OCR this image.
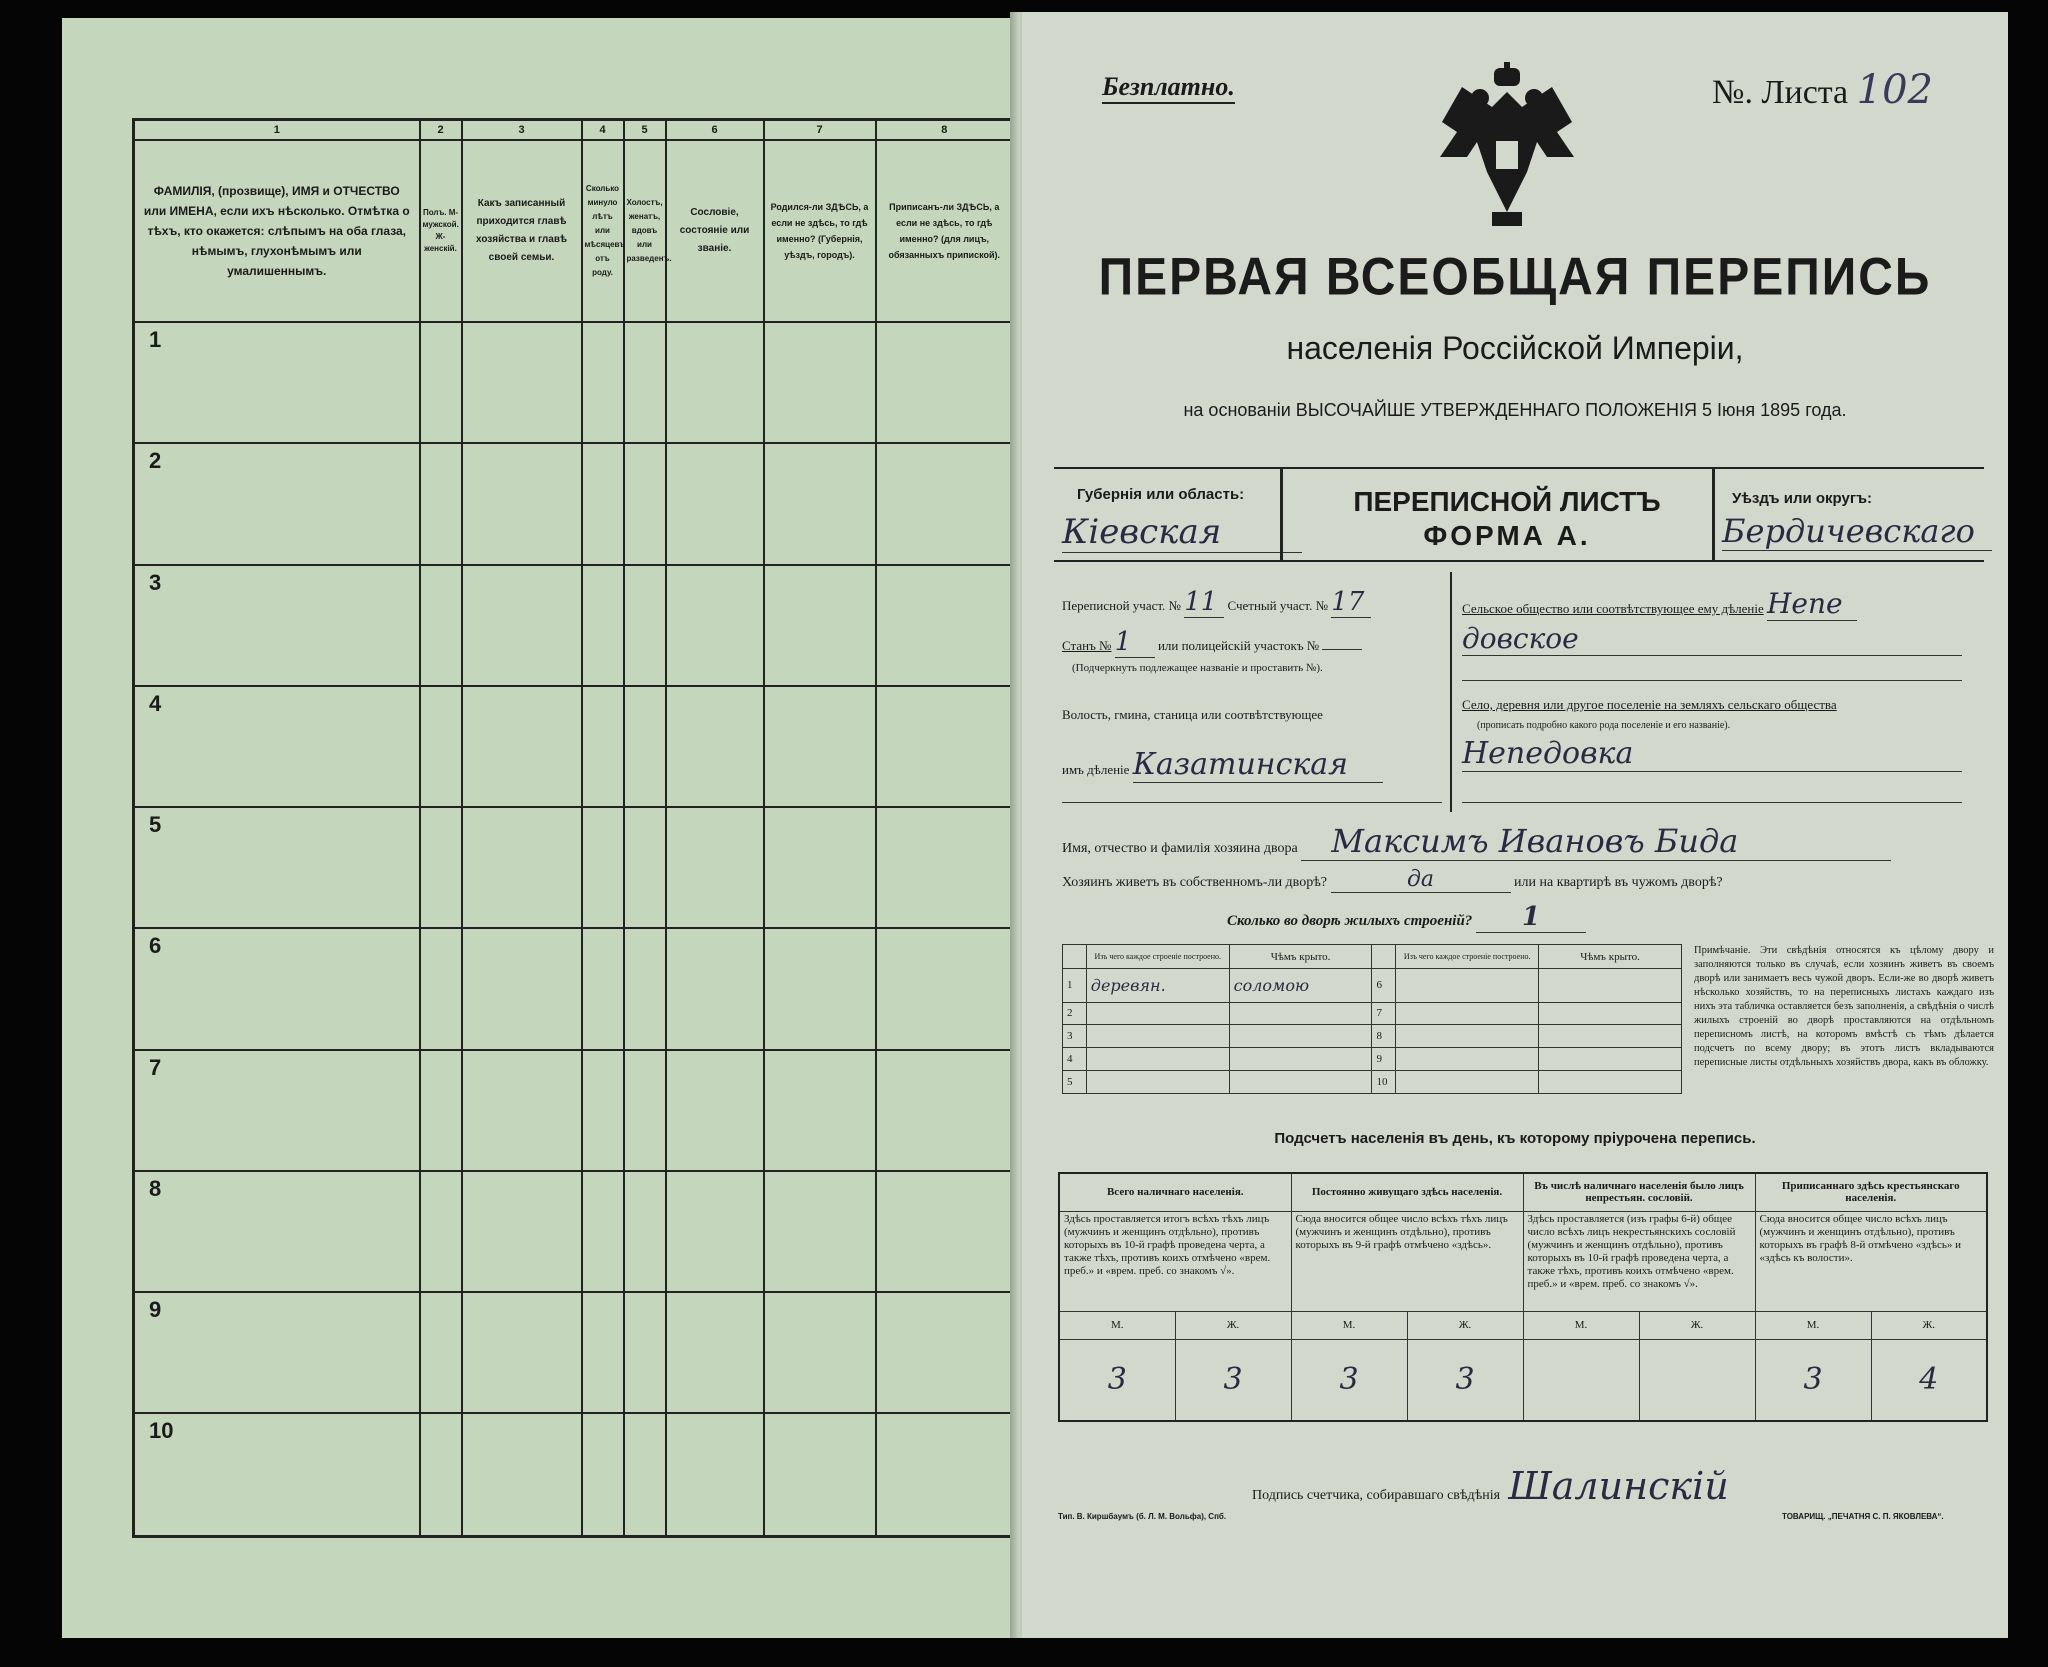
1	2	3	4	5	6	7	8
ФАМИЛІЯ, (прозвище), ИМЯ и ОТЧЕСТВО или ИМЕНА, если ихъ нѣсколько. Отмѣтка о тѣхъ, кто окажется: слѣпымъ на оба глаза, нѣмымъ, глухонѣмымъ или умалишеннымъ.	Полъ. М-мужской. Ж-женскій.	Какъ записанный приходится главѣ хозяйства и главѣ своей семьи.	Сколько минуло лѣтъ или мѣсяцевъ отъ роду.	Холостъ, женатъ, вдовъ или разведенъ.	Сословіе, состояніе или званіе.	Родился-ли ЗДѢСЬ, а если не здѣсь, то гдѣ именно? (Губернія, уѣздъ, городъ).	Приписанъ-ли ЗДѢСЬ, а если не здѣсь, то гдѣ именно? (для лицъ, обязанныхъ припиской).
1							
2							
3							
4							
5							
6							
7							
8							
9							
10							
Безплатно.	№. Листа 102
ПЕРВАЯ ВСЕОБЩАЯ ПЕРЕПИСЬ
населенія Россійской Имперіи,
на основаніи ВЫСОЧАЙШЕ УТВЕРЖДЕННАГО ПОЛОЖЕНІЯ 5 Іюня 1895 года.
Губернія или область:
Кіевская
ПЕРЕПИСНОЙ ЛИСТЪ
ФОРМА А.
Уѣздъ или округъ:
Бердичевскаго
Переписной участ. № 11 Счетный участ. № 17
Станъ № 1 или полицейскій участокъ №
(Подчеркнуть подлежащее названіе и проставить №).
Волость, гмина, станица или соотвѣтствующее
имъ дѣленіе Казатинская
Сельское общество или соотвѣтствующее ему дѣленіе Непе
довское
Село, деревня или другое поселеніе на земляхъ сельскаго общества
(прописать подробно какого рода поселеніе и его названіе).
Непедовка
Имя, отчество и фамилія хозяина двора Максимъ Ивановъ Бида
Хозяинъ живетъ въ собственномъ-ли дворѣ?	да	или на квартирѣ въ чужомъ дворѣ?
Сколько во дворѣ жилыхъ строеній? 1
	Изъ чего каждое строеніе построено.	Чѣмъ крыто.		Изъ чего каждое строеніе построено.	Чѣмъ крыто.
1	деревян.	соломою	6		
2			7		
3			8		
4			9		
5			10		
Примѣчаніе. Эти свѣдѣнія относятся къ цѣлому двору и заполняются только въ случаѣ, если хозяинъ живетъ въ своемъ дворѣ или занимаетъ весь чужой дворъ. Если-же во дворѣ живетъ нѣсколько хозяйствъ, то на переписныхъ листахъ каждаго изъ нихъ эта табличка оставляется безъ заполненія, а свѣдѣнія о числѣ жилыхъ строеній во дворѣ проставляются на отдѣльномъ переписномъ листѣ, на которомъ вмѣстѣ съ тѣмъ дѣлается подсчетъ по всему двору; въ этотъ листъ вкладываются переписные листы отдѣльныхъ хозяйствъ двора, какъ въ обложку.
Подсчетъ населенія въ день, къ которому пріурочена перепись.
Всего наличнаго населенія.		Постоянно живущаго здѣсь населенія.		Въ числѣ наличнаго населенія было лицъ непрестьян. сословій.		Приписаннаго здѣсь крестьянскаго населенія.	
Здѣсь проставляется итогъ всѣхъ тѣхъ лицъ (мужчинъ и женщинъ отдѣльно), противъ которыхъ въ 10-й графѣ проведена черта, а также тѣхъ, противъ коихъ отмѣчено «врем. преб.» и «врем. преб. со знакомъ √».		Сюда вносится общее число всѣхъ тѣхъ лицъ (мужчинъ и женщинъ отдѣльно), противъ которыхъ въ 9-й графѣ отмѣчено «здѣсь».		Здѣсь проставляется (изъ графы 6-й) общее число всѣхъ лицъ некрестьянскихъ сословій (мужчинъ и женщинъ отдѣльно), противъ которыхъ въ 10-й графѣ проведена черта, а также тѣхъ, противъ коихъ отмѣчено «врем. преб.» и «врем. преб. со знакомъ √».		Сюда вносится общее число всѣхъ лицъ (мужчинъ и женщинъ отдѣльно), противъ которыхъ въ графѣ 8-й отмѣчено «здѣсь» и «здѣсь къ волости».	
М.	Ж.	М.	Ж.	М.	Ж.	М.	Ж.
3	3	3	3			3	4
Подпись счетчика, собиравшаго свѣдѣнія Шалинскій
Тип. В. Киршбаумъ (б. Л. М. Вольфа), Спб.	ТОВАРИЩ. „ПЕЧАТНЯ С. П. ЯКОВЛЕВА“.
